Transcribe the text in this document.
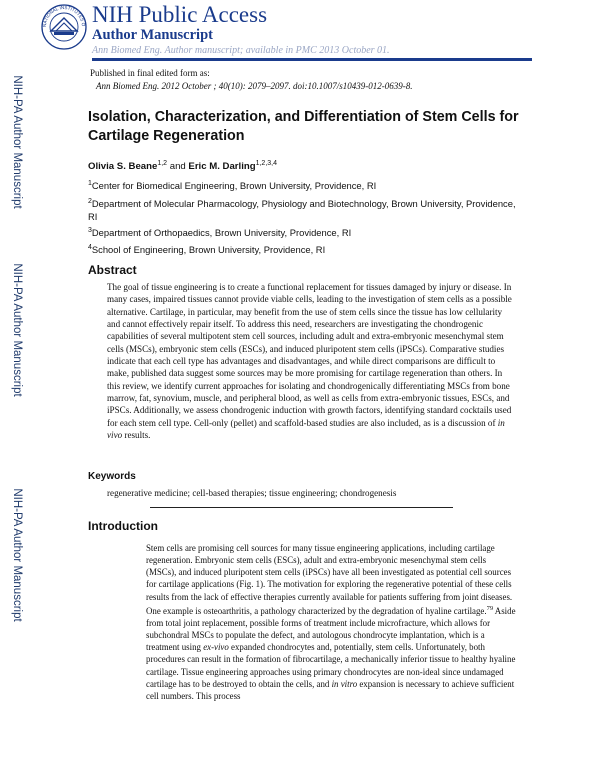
NIH-PA Author Manuscript
NIH-PA Author Manuscript
NIH-PA Author Manuscript
NATIONAL INSTITUTES O NIH Public Access
Author Manuscript
Ann Biomed Eng. Author manuscript; available in PMC 2013 October 01.
Published in final edited form as:
Ann Biomed Eng. 2012 October ; 40(10): 2079–2097. doi:10.1007/s10439-012-0639-8.
Isolation, Characterization, and Differentiation of Stem Cells for Cartilage Regeneration
Olivia S. Beane$^{1,2}$ and Eric M. Darling$^{1,2,3,4}$
$^1$Center for Biomedical Engineering, Brown University, Providence, RI
$^2$Department of Molecular Pharmacology, Physiology and Biotechnology, Brown University, Providence, RI
$^3$Department of Orthopaedics, Brown University, Providence, RI
$^4$School of Engineering, Brown University, Providence, RI
Abstract

The goal of tissue engineering is to create a functional replacement for tissues damaged by injury or disease. In many cases, impaired tissues cannot provide viable cells, leading to the investigation of stem cells as a possible alternative. Cartilage, in particular, may benefit from the use of stem cells since the tissue has low cellularity and cannot effectively repair itself. To address this need, researchers are investigating the chondrogenic capabilities of several multipotent stem cell sources, including adult and extra-embryonic mesenchymal stem cells (MSCs), embryonic stem cells (ESCs), and induced pluripotent stem cells (iPSCs). Comparative studies indicate that each cell type has advantages and disadvantages, and while direct comparisons are difficult to make, published data suggest some sources may be more promising for cartilage regeneration than others. In this review, we identify current approaches for isolating and chondrogenically differentiating MSCs from bone marrow, fat, synovium, muscle, and peripheral blood, as well as cells from extra-embryonic tissues, ESCs, and iPSCs. Additionally, we assess chondrogenic induction with growth factors, identifying standard cocktails used for each stem cell type. Cell-only (pellet) and scaffold-based studies are also included, as is a discussion of in vivo results.

Keywords
regenerative medicine; cell-based therapies; tissue engineering; chondrogenesis
Introduction

Stem cells are promising cell sources for many tissue engineering applications, including cartilage regeneration. Embryonic stem cells (ESCs), adult and extra-embryonic mesenchymal stem cells (MSCs), and induced pluripotent stem cells (iPSCs) have all been investigated as potential cell sources for cartilage applications (Fig. 1). The motivation for exploring the regenerative potential of these cells results from the lack of effective therapies currently available for patients suffering from joint diseases. One example is osteoarthritis, a pathology characterized by the degradation of hyaline cartilage.$^{79}$ Aside from total joint replacement, possible forms of treatment include microfracture, which allows for subchondral MSCs to populate the defect, and autologous chondrocyte implantation, which is a treatment using ex-vivo expanded chondrocytes and, potentially, stem cells. Unfortunately, both procedures can result in the formation of fibrocartilage, a mechanically inferior tissue to healthy hyaline cartilage. Tissue engineering approaches using primary chondrocytes are non-ideal since undamaged cartilage has to be destroyed to obtain the cells, and in vitro expansion is necessary to achieve sufficient cell numbers. This process
